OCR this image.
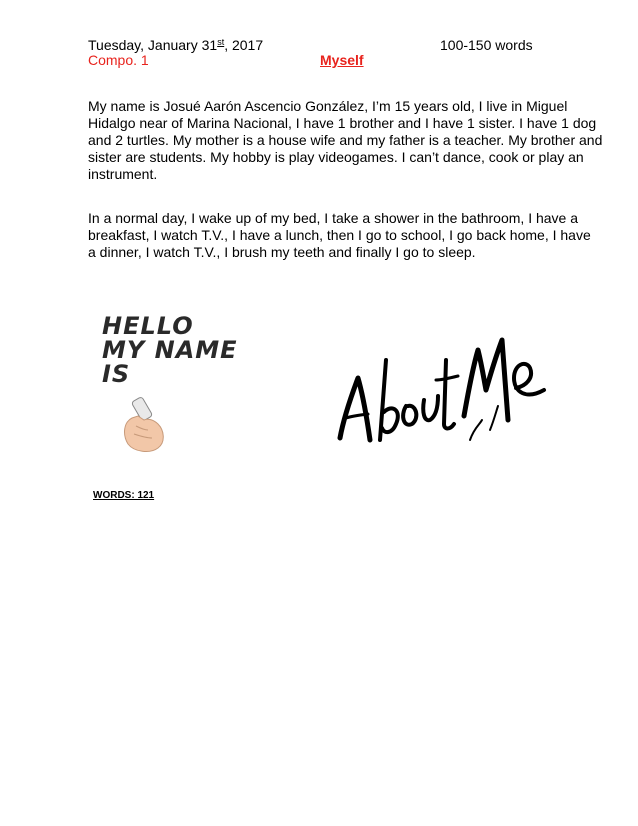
Tuesday, January 31st, 2017	100-150 words
Compo. 1	Myself
My name is Josué Aarón Ascencio González, I’m 15 years old, I live in Miguel
Hidalgo near of Marina Nacional, I have 1 brother and I have 1 sister. I have 1 dog
and 2 turtles. My mother is a house wife and my father is a teacher. My brother and
sister are students. My hobby is play videogames. I can’t dance, cook or play an
instrument.
In a normal day, I wake up of my bed, I take a shower in the bathroom, I have a
breakfast, I watch T.V., I have a lunch, then I go to school, I go back home, I have
a dinner, I watch T.V., I brush my teeth and finally I go to sleep.
HELLO
MY NAME
IS
About Me
WORDS: 121
